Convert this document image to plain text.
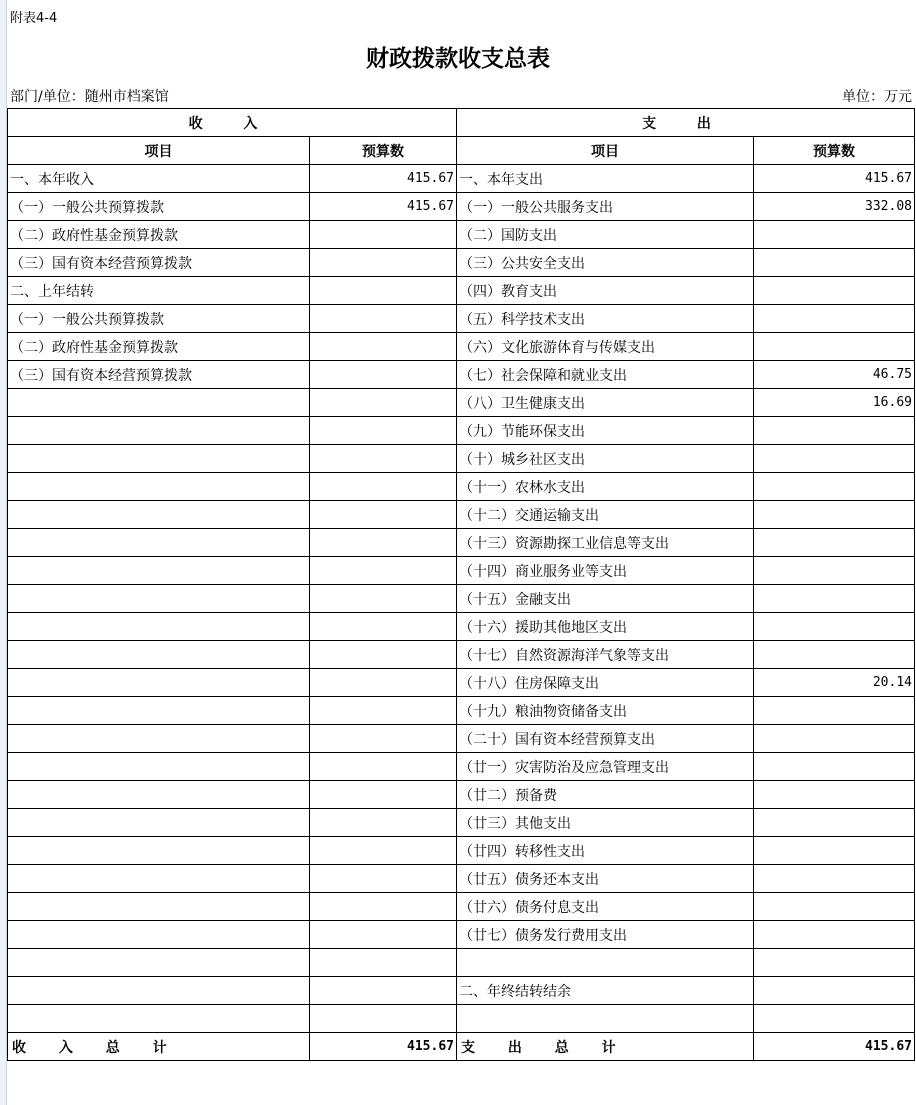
附表4-4
财政拨款收支总表
部门/单位：随州市档案馆	单位：万元
收 入		支 出	
项目	预算数	项目	预算数
一、本年收入	415.67	一、本年支出	415.67
（一）一般公共预算拨款	415.67	（一）一般公共服务支出	332.08
（二）政府性基金预算拨款		（二）国防支出	
（三）国有资本经营预算拨款		（三）公共安全支出	
二、上年结转		（四）教育支出	
（一）一般公共预算拨款		（五）科学技术支出	
（二）政府性基金预算拨款		（六）文化旅游体育与传媒支出	
（三）国有资本经营预算拨款		（七）社会保障和就业支出	46.75
		（八）卫生健康支出	16.69
		（九）节能环保支出	
		（十）城乡社区支出	
		（十一）农林水支出	
		（十二）交通运输支出	
		（十三）资源勘探工业信息等支出	
		（十四）商业服务业等支出	
		（十五）金融支出	
		（十六）援助其他地区支出	
		（十七）自然资源海洋气象等支出	
		（十八）住房保障支出	20.14
		（十九）粮油物资储备支出	
		（二十）国有资本经营预算支出	
		（廿一）灾害防治及应急管理支出	
		（廿二）预备费	
		（廿三）其他支出	
		（廿四）转移性支出	
		（廿五）债务还本支出	
		（廿六）债务付息支出	
		（廿七）债务发行费用支出	

		二、年终结转结余	

收 入 总 计	415.67	支 出 总 计	415.67
